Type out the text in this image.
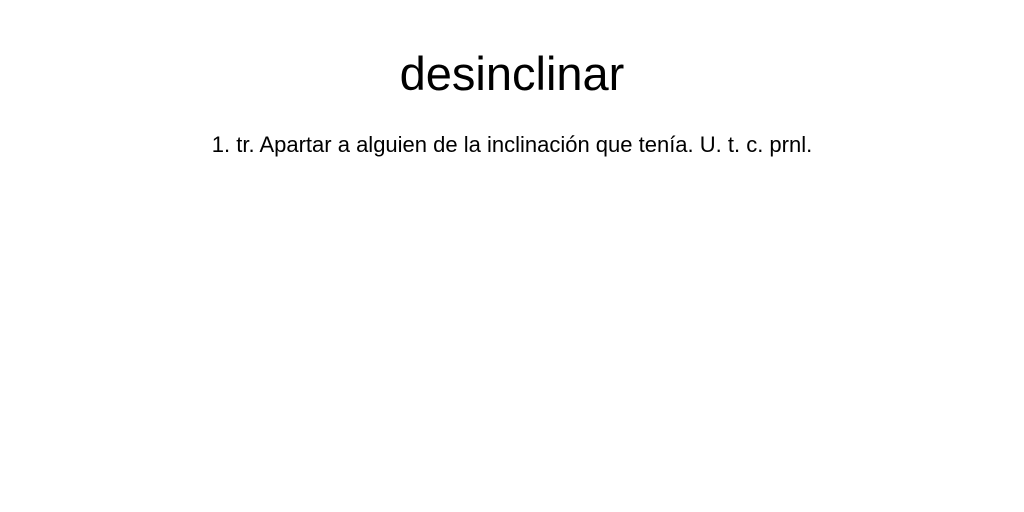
desinclinar

1. tr. Apartar a alguien de la inclinación que tenía. U. t. c. prnl.
